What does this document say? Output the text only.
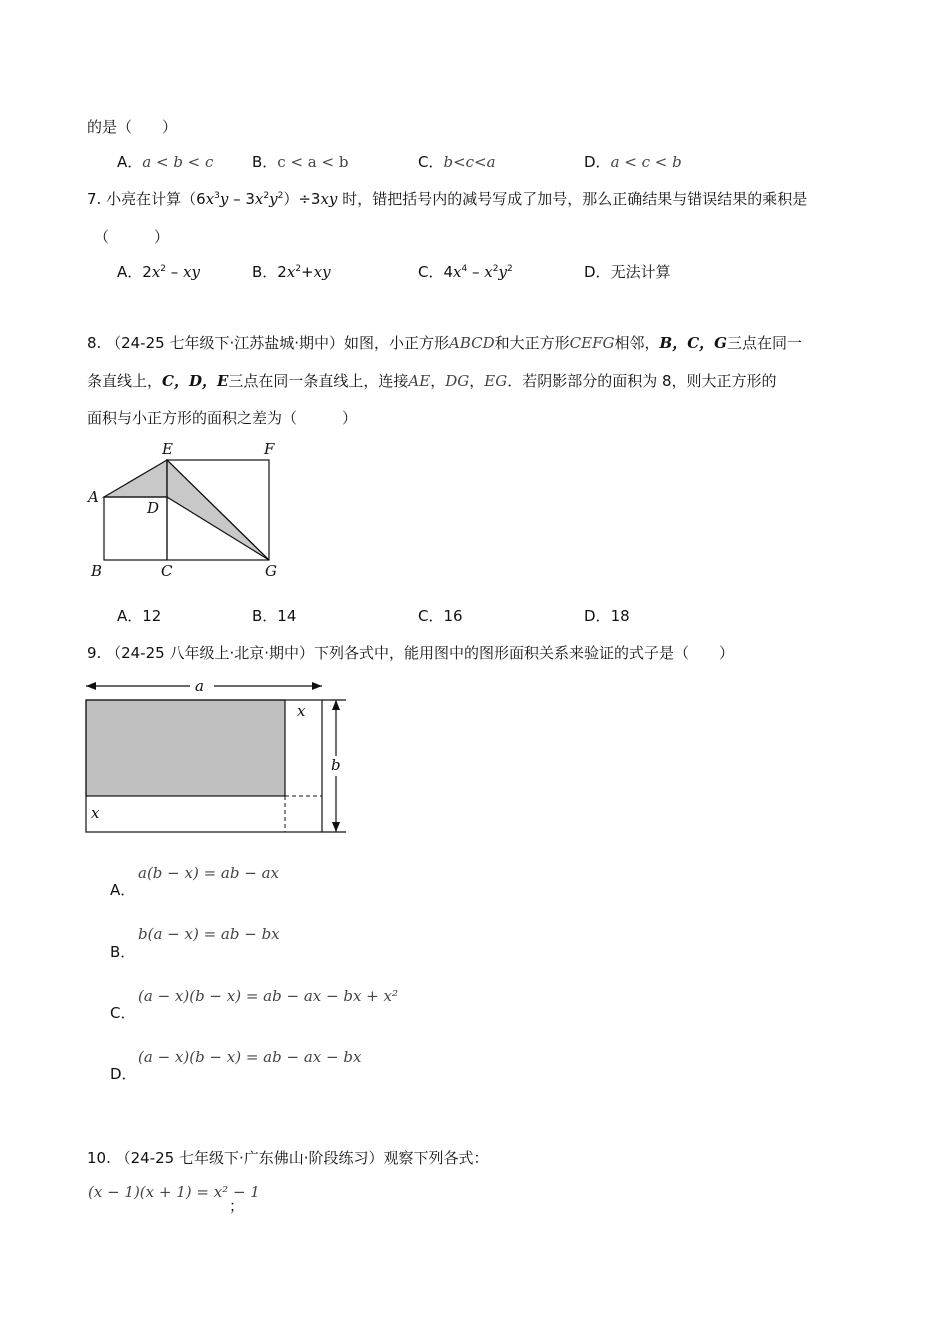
的是（　　）
A．a < b < c	B．c < a < b	C．b<c<a	D．a < c < b
7. 小亮在计算$(6x^3y - 3x^2y^2)\div 3xy$ 时，错把括号内的减号写成了加号，那么正确结果与错误结果的乘积是
（　　　）
A．$2x^2$ – xy	B．$2x^2+xy$	C．$4x^4 - x^2y^2$	D．无法计算
8. （24-25 七年级下·江苏盐城·期中）如图，小正方形ABCD和大正方形CEFG相邻，B，C，G三点在同一
条直线上，C，D，E三点在同一条直线上，连接AE，DG，EG．若阴影部分的面积为 8，则大正方形的
面积与小正方形的面积之差为（　　　）
E	F
A
D
B	C	G
A．12	B．14	C．16	D．18
9. （24-25 八年级上·北京·期中）下列各式中，能用图中的图形面积关系来验证的式子是（　　）
a
b
x
x
A．
a(b − x) = ab − ax
B．
b(a − x) = ab − bx
C．
(a − x)(b − x) = ab − ax − bx + x²
D．
(a − x)(b − x) = ab − ax − bx
10. （24-25 七年级下·广东佛山·阶段练习）观察下列各式：
(x − 1)(x + 1) = x² − 1
；
